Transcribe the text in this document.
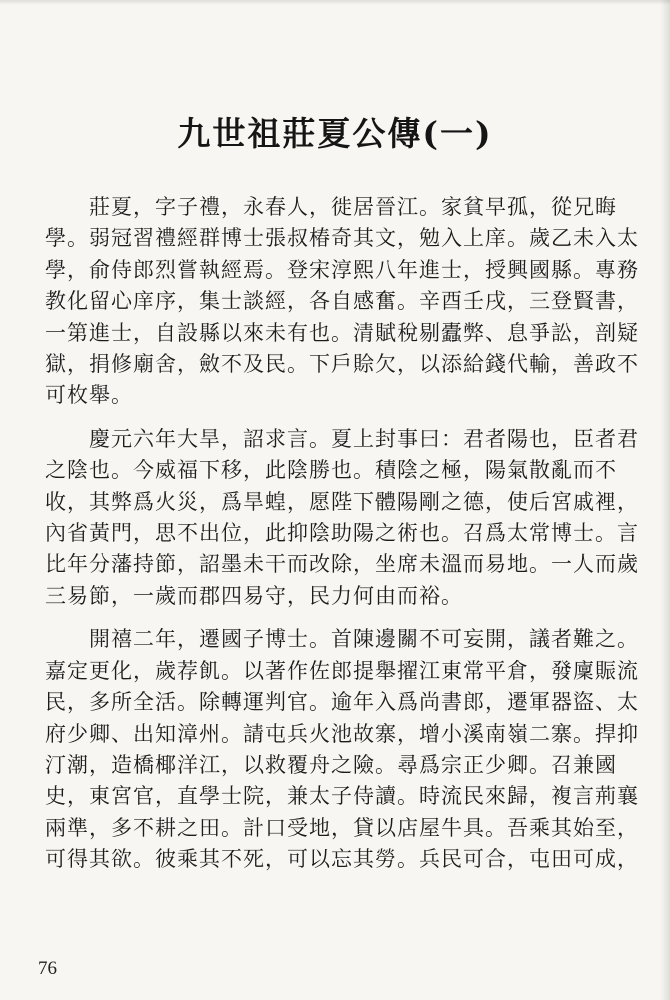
九世祖莊夏公傳(一)

　　莊夏，字子禮，永春人，徙居晉江。家貧早孤，從兄晦
學。弱冠習禮經群博士張叔椿奇其文，勉入上庠。歲乙未入太
學，俞侍郎烈嘗執經焉。登宋淳熙八年進士，授興國縣。專務
教化留心庠序，集士談經，各自感奮。辛酉壬戌，三登賢書，
一第進士，自設縣以來未有也。清賦稅剔蠹弊、息爭訟，剖疑
獄，捐修廟舍，斂不及民。下戶賒欠，以添給錢代輸，善政不
可枚舉。

　　慶元六年大旱，詔求言。夏上封事曰：君者陽也，臣者君
之陰也。今威福下移，此陰勝也。積陰之極，陽氣散亂而不
收，其弊爲火災，爲旱蝗，愿陛下體陽剛之德，使后宮戚裡，
內省黃門，思不出位，此抑陰助陽之術也。召爲太常博士。言
比年分藩持節，詔墨未干而改除，坐席未溫而易地。一人而歲
三易節，一歲而郡四易守，民力何由而裕。

　　開禧二年，遷國子博士。首陳邊關不可妄開，議者難之。
嘉定更化，歲荐飢。以著作佐郎提舉擢江東常平倉，發廩賑流
民，多所全活。除轉運判官。逾年入爲尚書郎，遷軍器盜、太
府少卿、出知漳州。請屯兵火池故寨，增小溪南嶺二寨。捍抑
汀潮，造橋椰洋江，以救覆舟之險。尋爲宗正少卿。召兼國
史，東宮官，直學士院，兼太子侍讀。時流民來歸，複言荊襄
兩準，多不耕之田。計口受地，貸以店屋牛具。吾乘其始至，
可得其欲。彼乘其不死，可以忘其勞。兵民可合，屯田可成，

76
